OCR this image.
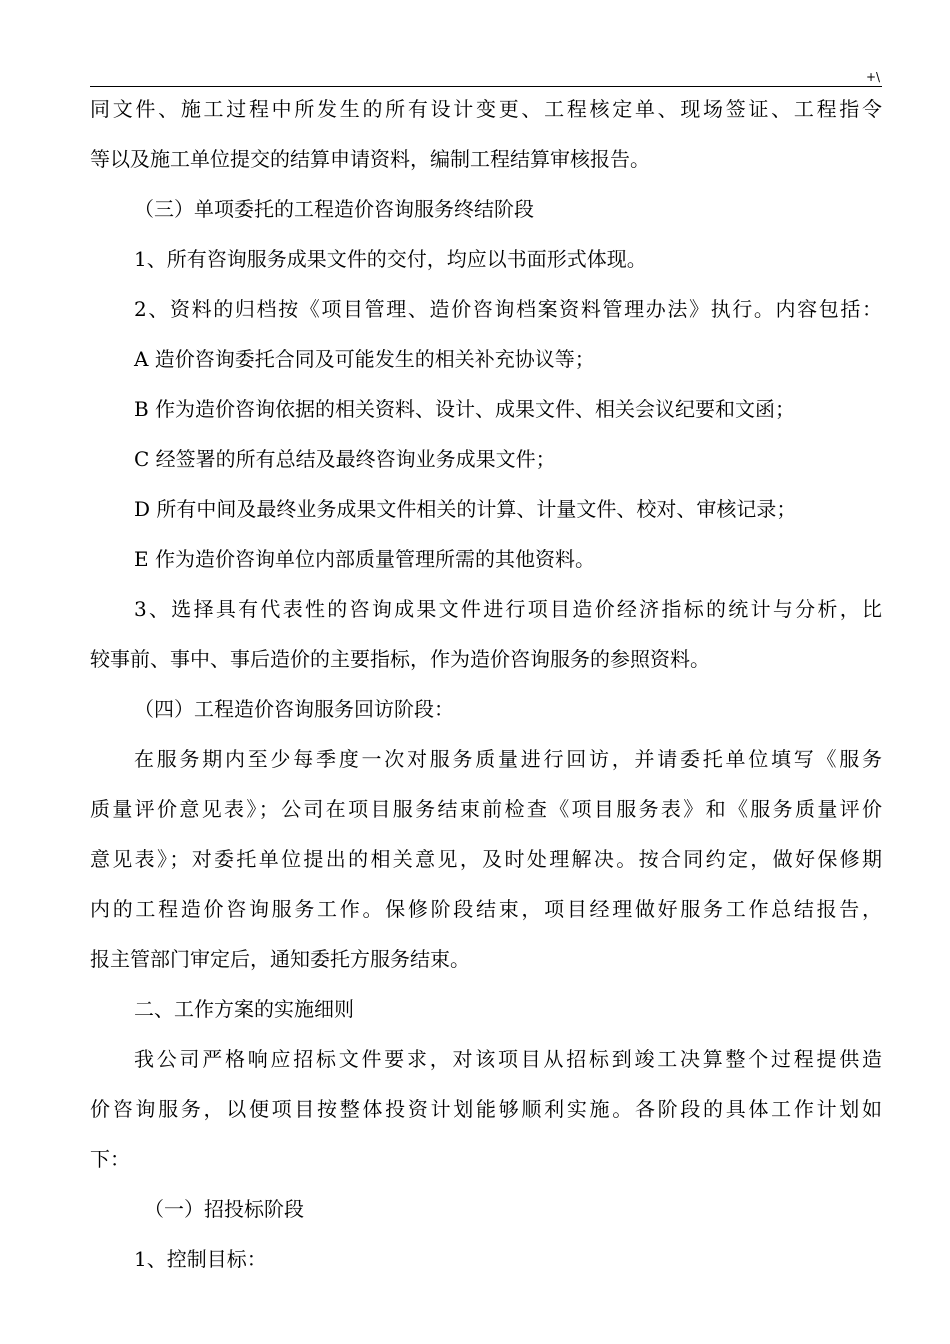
+\
同文件、施工过程中所发生的所有设计变更、工程核定单、现场签证、工程指令
等以及施工单位提交的结算申请资料，编制工程结算审核报告。
（三）单项委托的工程造价咨询服务终结阶段
1、所有咨询服务成果文件的交付，均应以书面形式体现。
2、资料的归档按《项目管理、造价咨询档案资料管理办法》执行。内容包括：
A 造价咨询委托合同及可能发生的相关补充协议等；
B 作为造价咨询依据的相关资料、设计、成果文件、相关会议纪要和文函；
C 经签署的所有总结及最终咨询业务成果文件；
D 所有中间及最终业务成果文件相关的计算、计量文件、校对、审核记录；
E 作为造价咨询单位内部质量管理所需的其他资料。
3、选择具有代表性的咨询成果文件进行项目造价经济指标的统计与分析，比
较事前、事中、事后造价的主要指标，作为造价咨询服务的参照资料。
（四）工程造价咨询服务回访阶段：
在服务期内至少每季度一次对服务质量进行回访，并请委托单位填写《服务
质量评价意见表》；公司在项目服务结束前检查《项目服务表》和《服务质量评价
意见表》；对委托单位提出的相关意见，及时处理解决。按合同约定，做好保修期
内的工程造价咨询服务工作。保修阶段结束，项目经理做好服务工作总结报告，
报主管部门审定后，通知委托方服务结束。
二、工作方案的实施细则
我公司严格响应招标文件要求，对该项目从招标到竣工决算整个过程提供造
价咨询服务，以便项目按整体投资计划能够顺利实施。各阶段的具体工作计划如
下：
（一）招投标阶段
1、控制目标：
